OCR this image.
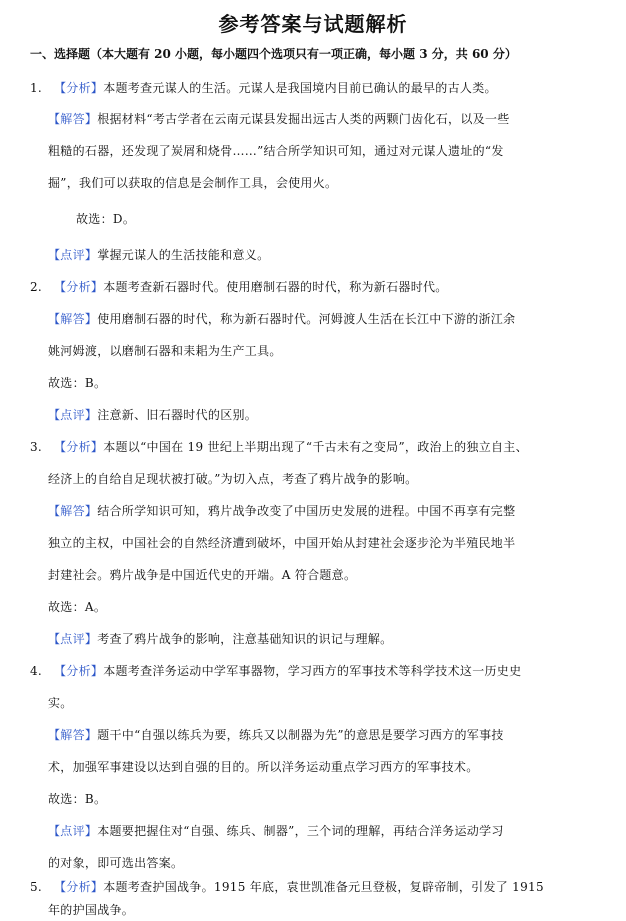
参考答案与试题解析
一、选择题（本大题有 20 小题，每小题四个选项只有一项正确，每小题 3 分，共 60 分）
1. 【分析】本题考查元谋人的生活。元谋人是我国境内目前已确认的最早的古人类。
【解答】根据材料“考古学者在云南元谋县发掘出远古人类的两颗门齿化石，以及一些
粗糙的石器，还发现了炭屑和烧骨……”结合所学知识可知，通过对元谋人遗址的“发
掘”，我们可以获取的信息是会制作工具，会使用火。
故选：D。
【点评】掌握元谋人的生活技能和意义。
2. 【分析】本题考查新石器时代。使用磨制石器的时代，称为新石器时代。
【解答】使用磨制石器的时代，称为新石器时代。河姆渡人生活在长江中下游的浙江余
姚河姆渡，以磨制石器和耒耜为生产工具。
故选：B。
【点评】注意新、旧石器时代的区别。
3. 【分析】本题以“中国在 19 世纪上半期出现了“千古未有之变局”，政治上的独立自主、
经济上的自给自足现状被打破。”为切入点，考查了鸦片战争的影响。
【解答】结合所学知识可知，鸦片战争改变了中国历史发展的进程。中国不再享有完整
独立的主权，中国社会的自然经济遭到破坏，中国开始从封建社会逐步沦为半殖民地半
封建社会。鸦片战争是中国近代史的开端。A 符合题意。
故选：A。
【点评】考查了鸦片战争的影响，注意基础知识的识记与理解。
4. 【分析】本题考查洋务运动中学军事器物，学习西方的军事技术等科学技术这一历史史
实。
【解答】题干中“自强以练兵为要，练兵又以制器为先”的意思是要学习西方的军事技
术，加强军事建设以达到自强的目的。所以洋务运动重点学习西方的军事技术。
故选：B。
【点评】本题要把握住对“自强、练兵、制器”，三个词的理解，再结合洋务运动学习
的对象，即可选出答案。
5. 【分析】本题考查护国战争。1915 年底，袁世凯准备元旦登极，复辟帝制，引发了 1915
年的护国战争。
